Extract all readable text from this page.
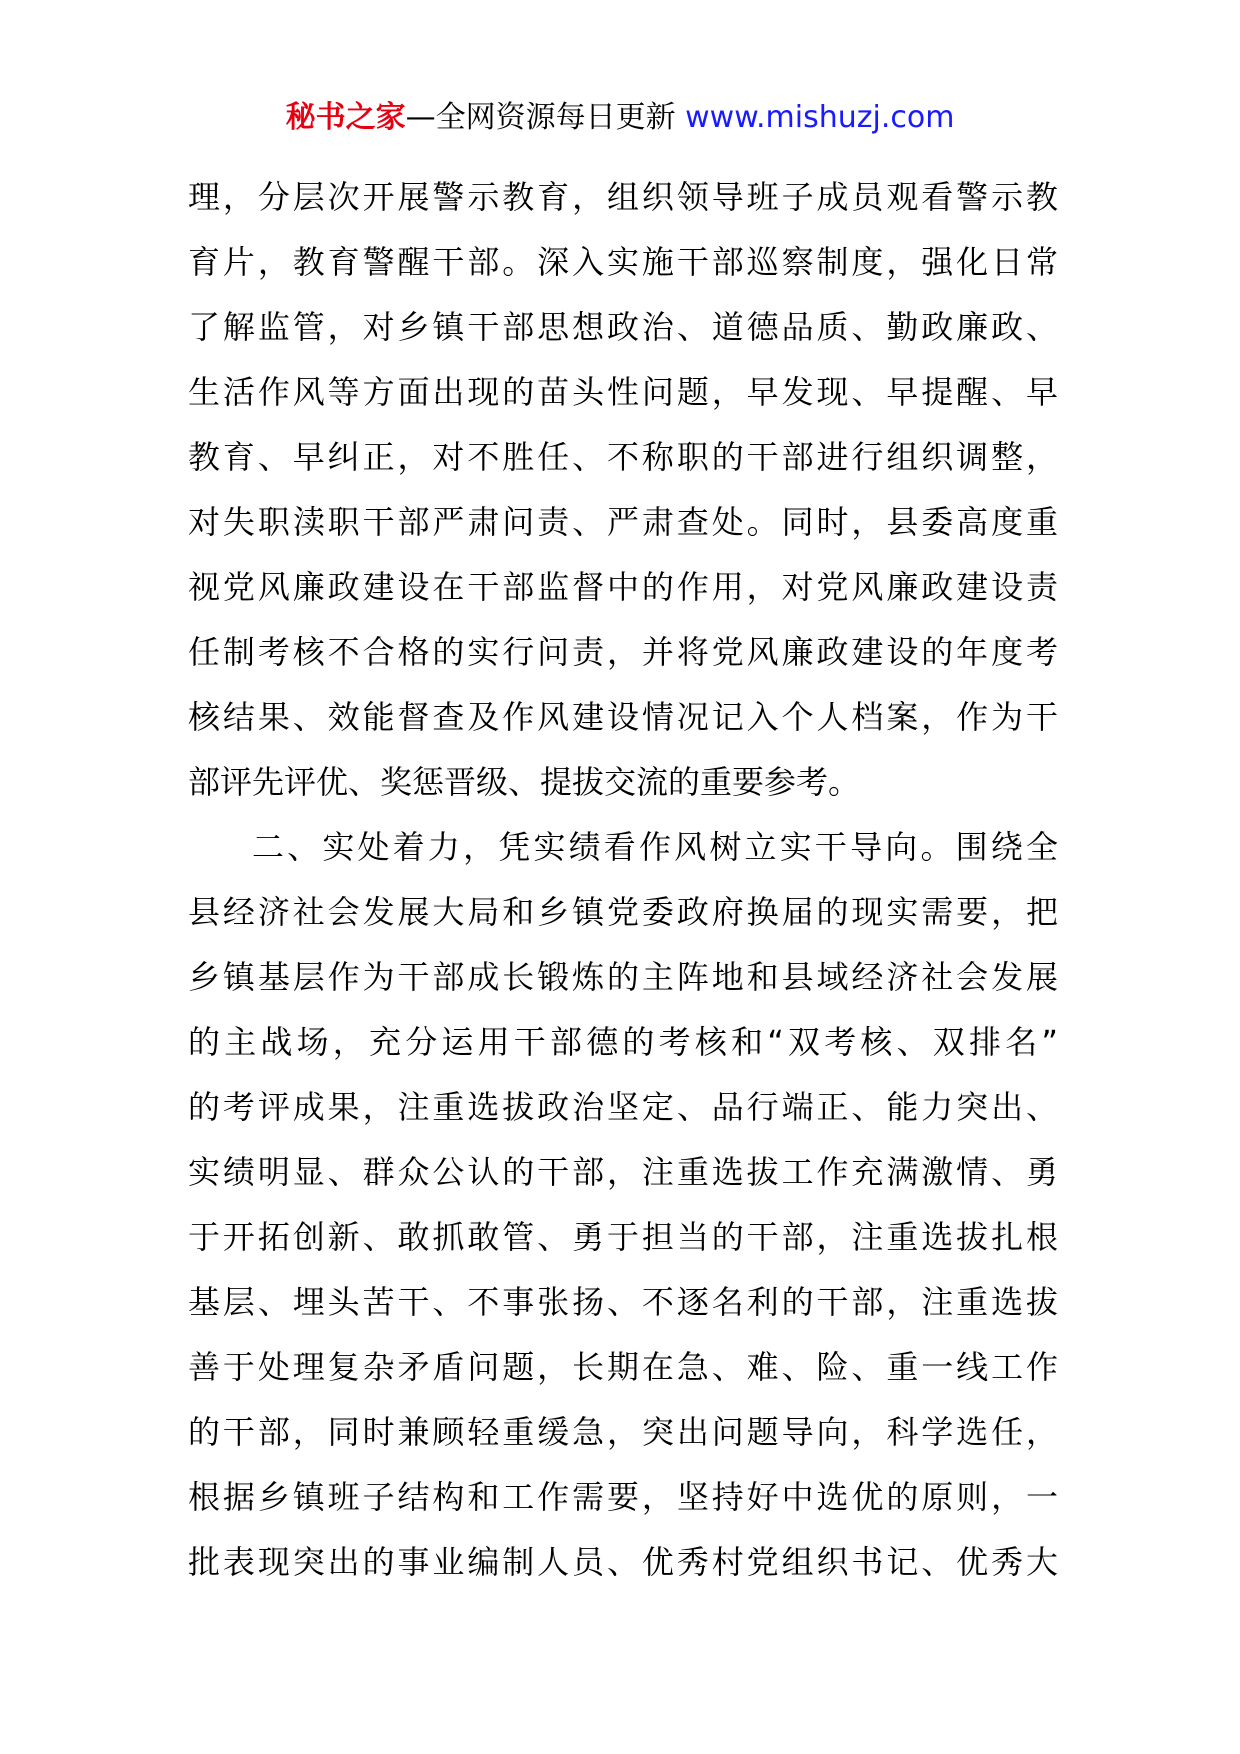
秘书之家—全网资源每日更新 www.mishuzj.com
理，分层次开展警示教育，组织领导班子成员观看警示教
育片，教育警醒干部。深入实施干部巡察制度，强化日常
了解监管，对乡镇干部思想政治、道德品质、勤政廉政、
生活作风等方面出现的苗头性问题，早发现、早提醒、早
教育、早纠正，对不胜任、不称职的干部进行组织调整，
对失职渎职干部严肃问责、严肃查处。同时，县委高度重
视党风廉政建设在干部监督中的作用，对党风廉政建设责
任制考核不合格的实行问责，并将党风廉政建设的年度考
核结果、效能督查及作风建设情况记入个人档案，作为干
部评先评优、奖惩晋级、提拔交流的重要参考。
二、实处着力，凭实绩看作风树立实干导向。围绕全
县经济社会发展大局和乡镇党委政府换届的现实需要，把
乡镇基层作为干部成长锻炼的主阵地和县域经济社会发展
的主战场，充分运用干部德的考核和“双考核、双排名”
的考评成果，注重选拔政治坚定、品行端正、能力突出、
实绩明显、群众公认的干部，注重选拔工作充满激情、勇
于开拓创新、敢抓敢管、勇于担当的干部，注重选拔扎根
基层、埋头苦干、不事张扬、不逐名利的干部，注重选拔
善于处理复杂矛盾问题，长期在急、难、险、重一线工作
的干部，同时兼顾轻重缓急，突出问题导向，科学选任，
根据乡镇班子结构和工作需要，坚持好中选优的原则，一
批表现突出的事业编制人员、优秀村党组织书记、优秀大
